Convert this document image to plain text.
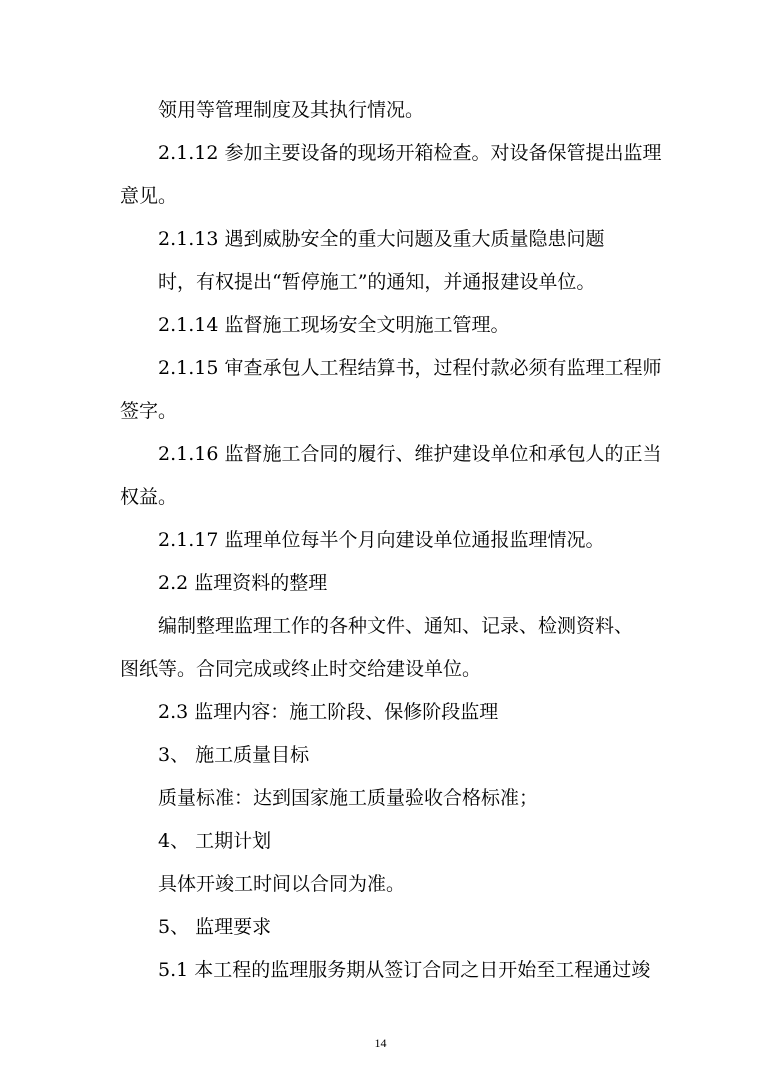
领用等管理制度及其执行情况。
2.1.12 参加主要设备的现场开箱检查。对设备保管提出监理
意见。
2.1.13 遇到威胁安全的重大问题及重大质量隐患问题
时，有权提出“暂停施工”的通知，并通报建设单位。
2.1.14 监督施工现场安全文明施工管理。
2.1.15 审查承包人工程结算书，过程付款必须有监理工程师
签字。
2.1.16 监督施工合同的履行、维护建设单位和承包人的正当
权益。
2.1.17 监理单位每半个月向建设单位通报监理情况。
2.2 监理资料的整理
编制整理监理工作的各种文件、通知、记录、检测资料、
图纸等。合同完成或终止时交给建设单位。
2.3 监理内容：施工阶段、保修阶段监理
3、 施工质量目标
质量标准：达到国家施工质量验收合格标准；
4、 工期计划
具体开竣工时间以合同为准。
5、 监理要求
5.1 本工程的监理服务期从签订合同之日开始至工程通过竣
14
